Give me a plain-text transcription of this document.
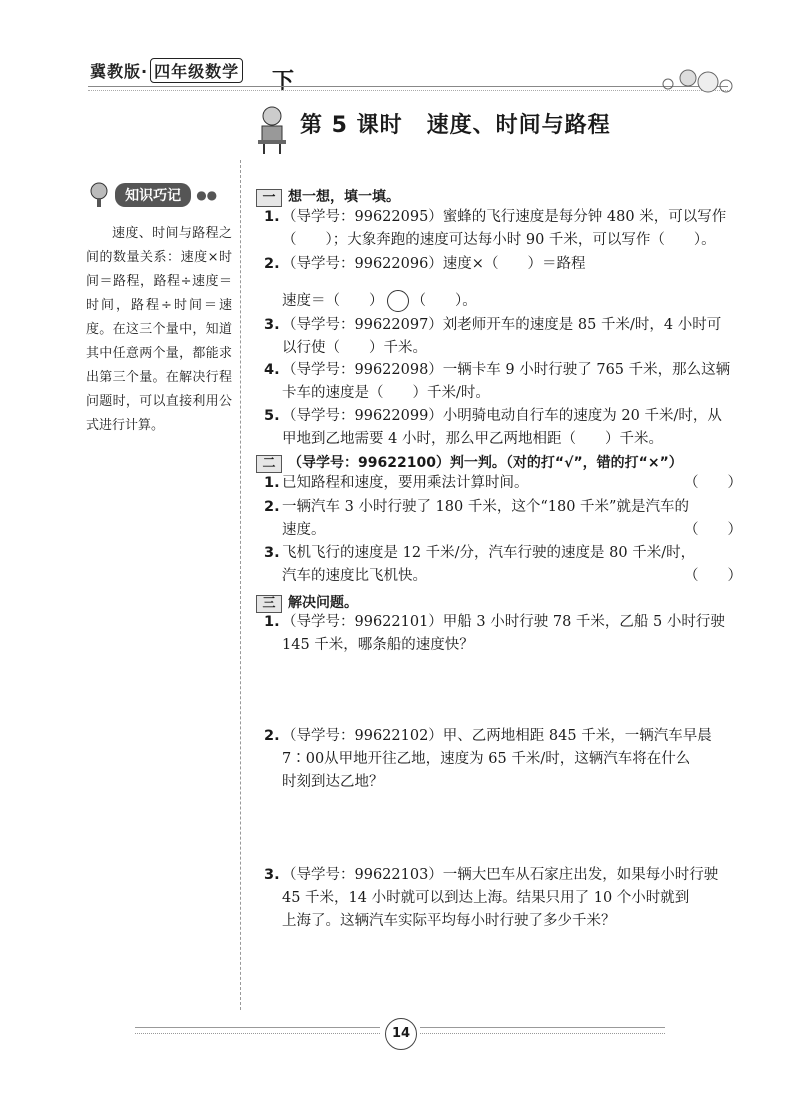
冀教版· 四年级数学 下
第 5 课时 速度、时间与路程
知识巧记 ●●
速度、时间与路程之间的数量关系：速度×时间＝路程，路程÷速度＝时间，路程÷时间＝速度。在这三个量中，知道其中任意两个量，都能求出第三个量。在解决行程问题时，可以直接利用公式进行计算。
一 想一想，填一填。
1. （导学号：99622095）蜜蜂的飞行速度是每分钟 480 米，可以写作
（　　）；大象奔跑的速度可达每小时 90 千米，可以写作（　　）。
2. （导学号：99622096）速度×（　　）＝路程
速度＝（　　） （　　）。
3. （导学号：99622097）刘老师开车的速度是 85 千米/时，4 小时可
以行使（　　）千米。
4. （导学号：99622098）一辆卡车 9 小时行驶了 765 千米，那么这辆
卡车的速度是（　　）千米/时。
5. （导学号：99622099）小明骑电动自行车的速度为 20 千米/时，从
甲地到乙地需要 4 小时，那么甲乙两地相距（　　）千米。
二 （导学号：99622100）判一判。（对的打“√”，错的打“×”）
1. 已知路程和速度，要用乘法计算时间。	（　　）
2. 一辆汽车 3 小时行驶了 180 千米，这个“180 千米”就是汽车的
速度。	（　　）
3. 飞机飞行的速度是 12 千米/分，汽车行驶的速度是 80 千米/时，
汽车的速度比飞机快。	（　　）
三 解决问题。
1. （导学号：99622101）甲船 3 小时行驶 78 千米，乙船 5 小时行驶
145 千米，哪条船的速度快？
2. （导学号：99622102）甲、乙两地相距 845 千米，一辆汽车早晨
7∶00从甲地开往乙地，速度为 65 千米/时，这辆汽车将在什么
时刻到达乙地？
3. （导学号：99622103）一辆大巴车从石家庄出发，如果每小时行驶
45 千米，14 小时就可以到达上海。结果只用了 10 个小时就到
上海了。这辆汽车实际平均每小时行驶了多少千米？
14
